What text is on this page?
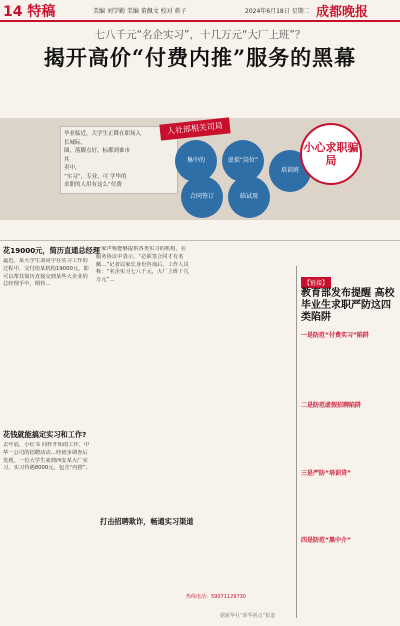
14 特稿	美编 刘学勤 美编 董佩文 校对 蒋子	2024年6月18日 星期二 成都晚报
七八千元“名企实习”，十几万元“大厂上班”？
揭开高价“付费内推”服务的黑幕
毕业临近，大学生正降在职场入
长城际，
圈，落脚点好，标都到谁市
其
卖中，
“实习”，专业，可 学毕的
求职的人用有这么“付费
人社部相关司局
集中的	虚拟“岗位”
培训班
合同签订	临试用
小心求职骗局
花19000元，简历直通总经理
最近，某大学生刘同学在实习工作的过程中，交付给某机构19000元，即可以帮其简历直接交到某些大企业的总经理手中，期待…
花钱就能搞定实习和工作?
去年底，小红书 同样开始的工作，中华一公司的招聘活动…经初步调查后发现，一位大学生来到西安某大厂实习，实习待遇8000元，包含“内推”。
一家声称能够提供各类实习的机构，在服务协议中表示，“必须签合同才有名额…”记者以家长身份咨询后，工作人员称：“名企实习七八千元，大厂上班十几万元”…
打击招聘欺诈，畅通实习渠道
【链接】
教育部发布提醒 高校毕业生求职严防这四类陷阱
一是防范“付费实习”陷阱
二是防范虚假招聘陷阱
三是严防“培训贷”
四是防范“黑中介”
热线电话：59071129730
据新华社“新华视点”报道
